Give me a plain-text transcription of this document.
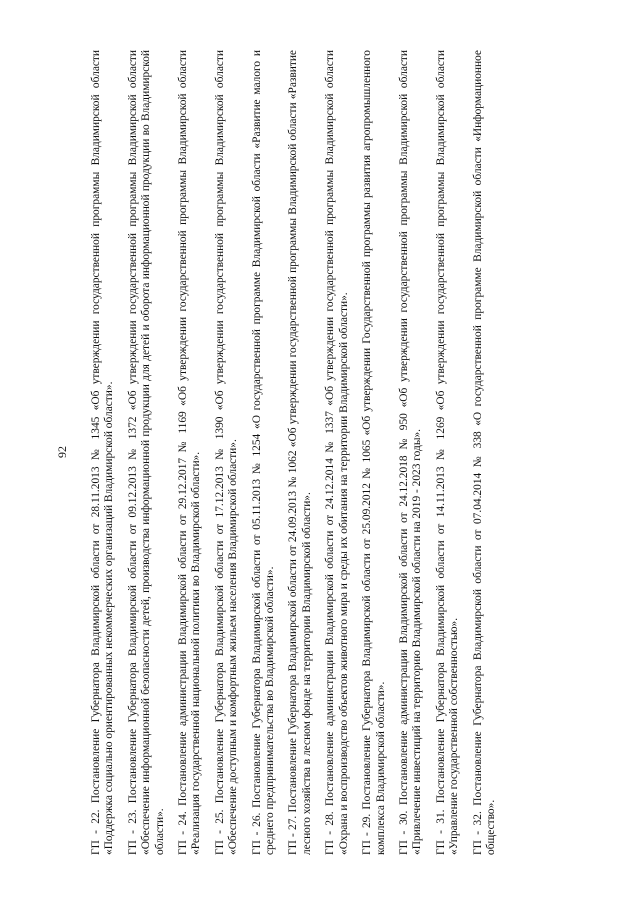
92 ГП - 22. Постановление Губернатора Владимирской области от 28.11.2013 № 1345 «Об утверждении государственной программы Владимирской области «Поддержка социально ориентированных некоммерческих организаций Владимирской области». ГП - 23. Постановление Губернатора Владимирской области от 09.12.2013 № 1372 «Об утверждении государственной программы Владимирской области «Обеспечение информационной безопасности детей, производства информационной продукции для детей и оборота информационной продукции во Владимирской области». ГП - 24. Постановление администрации Владимирской области от 29.12.2017 № 1169 «Об утверждении государственной программы Владимирской области «Реализация государственной национальной политики во Владимирской области». ГП - 25. Постановление Губернатора Владимирской области от 17.12.2013 № 1390 «Об утверждении государственной программы Владимирской области «Обеспечение доступным и комфортным жильем населения Владимирской области». ГП - 26. Постановление Губернатора Владимирской области от 05.11.2013 № 1254 «О государственной программе Владимирской области «Развитие малого и среднего предпринимательства во Владимирской области». ГП - 27. Постановление Губернатора Владимирской области от 24.09.2013 № 1062 «Об утверждении государственной программы Владимирской области «Развитие лесного хозяйства в лесном фонде на территории Владимирской области». ГП - 28. Постановление администрации Владимирской области от 24.12.2014 № 1337 «Об утверждении государственной программы Владимирской области «Охрана и воспроизводство объектов животного мира и среды их обитания на территории Владимирской области». ГП - 29. Постановление Губернатора Владимирской области от 25.09.2012 № 1065 «Об утверждении Государственной программы развития агропромышленного комплекса Владимирской области». ГП - 30. Постановление администрации Владимирской области от 24.12.2018 № 950 «Об утверждении государственной программы Владимирской области «Привлечение инвестиций на территорию Владимирской области на 2019 - 2023 годы». ГП - 31. Постановление Губернатора Владимирской области от 14.11.2013 № 1269 «Об утверждении государственной программы Владимирской области «Управление государственной собственностью». ГП - 32. Постановление Губернатора Владимирской области от 07.04.2014 № 338 «О государственной программе Владимирской области «Информационное общество».
